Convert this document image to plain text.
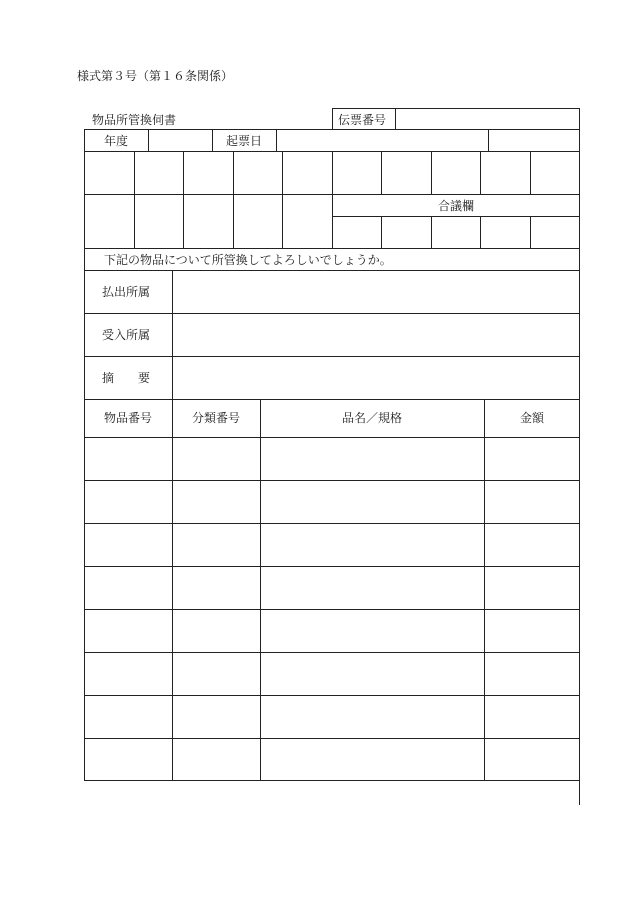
様式第３号（第１６条関係）
物品所管換伺書	伝票番号
年度	起票日
合議欄
下記の物品について所管換してよろしいでしょうか。
払出所属
受入所属
摘　　要
物品番号	分類番号	品名／規格	金額
